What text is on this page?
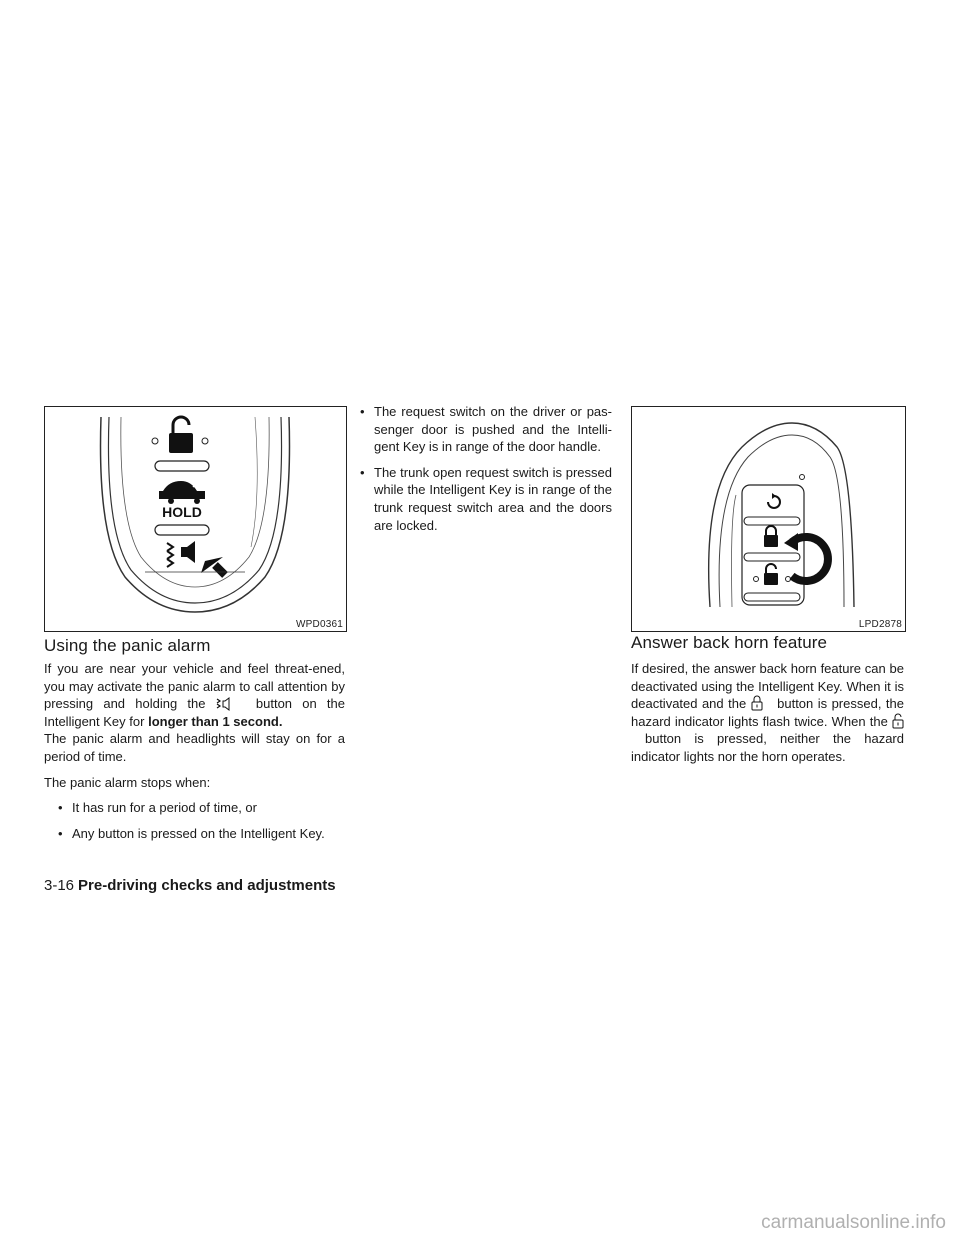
HOLD
WPD0361
Using the panic alarm

If you are near your vehicle and feel threat-ened, you may activate the panic alarm to call attention by pressing and holding the	button on the Intelligent Key for longer than 1 second.

The panic alarm and headlights will stay on for a period of time.

The panic alarm stops when:

• It has run for a period of time, or
• Any button is pressed on the Intelligent Key.
• The request switch on the driver or pas-senger door is pushed and the Intelli-gent Key is in range of the door handle.
• The trunk open request switch is pressed while the Intelligent Key is in range of the trunk request switch area and the doors are locked.
LPD2878
Answer back horn feature

If desired, the answer back horn feature can be deactivated using the Intelligent Key. When it is deactivated and the button is pressed, the hazard indicator lights flash twice. When the  button is pressed, neither the hazard indicator lights nor the horn operates.

3-16 Pre-driving checks and adjustments
carmanualsonline.info
